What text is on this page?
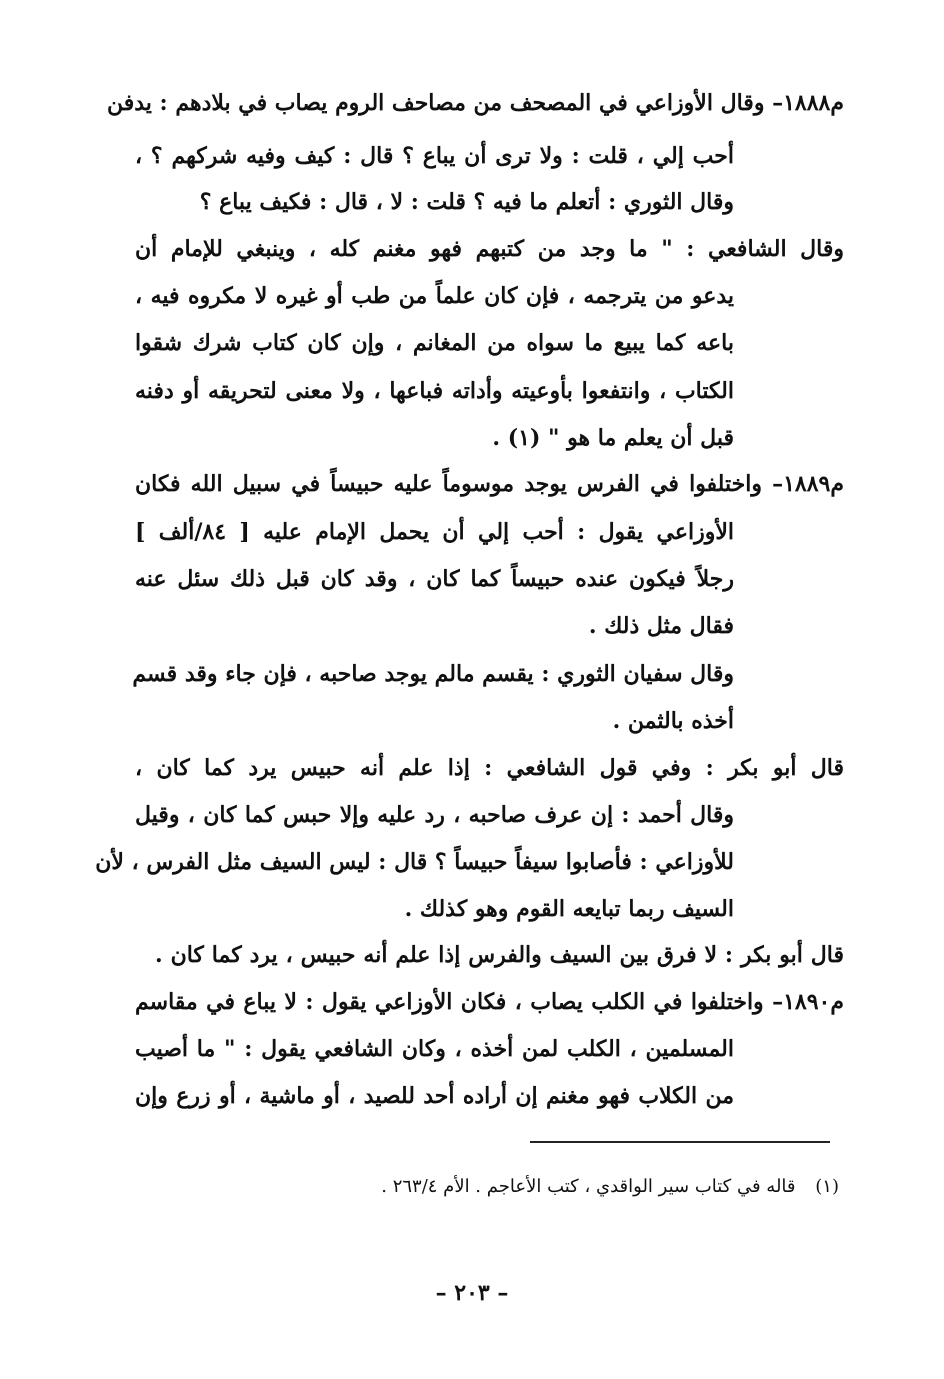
م١٨٨٨– وقال الأوزاعي في المصحف من مصاحف الروم يصاب في بلادهم : يدفن
أحب إلي ، قلت : ولا ترى أن يباع ؟ قال : كيف وفيه شركهم ؟ ،
وقال الثوري : أتعلم ما فيه ؟ قلت : لا ، قال : فكيف يباع ؟
وقال الشافعي : " ما وجد من كتبهم فهو مغنم كله ، وينبغي للإمام أن
يدعو من يترجمه ، فإن كان علماً من طب أو غيره لا مكروه فيه ،
باعه كما يبيع ما سواه من المغانم ، وإن كان كتاب شرك شقوا
الكتاب ، وانتفعوا بأوعيته وأداته فباعها ، ولا معنى لتحريقه أو دفنه
قبل أن يعلم ما هو " (١) .
م١٨٨٩– واختلفوا في الفرس يوجد موسوماً عليه حبيساً في سبيل الله فكان
الأوزاعي يقول : أحب إلي أن يحمل الإمام عليه [ ٨٤/ألف ]
رجلاً فيكون عنده حبيساً كما كان ، وقد كان قبل ذلك سئل عنه
فقال مثل ذلك .
وقال سفيان الثوري : يقسم مالم يوجد صاحبه ، فإن جاء وقد قسم
أخذه بالثمن .
قال أبو بكر : وفي قول الشافعي : إذا علم أنه حبيس يرد كما كان ،
وقال أحمد : إن عرف صاحبه ، رد عليه وإلا حبس كما كان ، وقيل
للأوزاعي : فأصابوا سيفاً حبيساً ؟ قال : ليس السيف مثل الفرس ، لأن
السيف ربما تبايعه القوم وهو كذلك .
قال أبو بكر : لا فرق بين السيف والفرس إذا علم أنه حبيس ، يرد كما كان .
م١٨٩٠– واختلفوا في الكلب يصاب ، فكان الأوزاعي يقول : لا يباع في مقاسم
المسلمين ، الكلب لمن أخذه ، وكان الشافعي يقول : " ما أصيب
من الكلاب فهو مغنم إن أراده أحد للصيد ، أو ماشية ، أو زرع وإن
(١) قاله في كتاب سير الواقدي ، كتب الأعاجم . الأم ٢٦٣/٤ .
– ٢٠٣ –
